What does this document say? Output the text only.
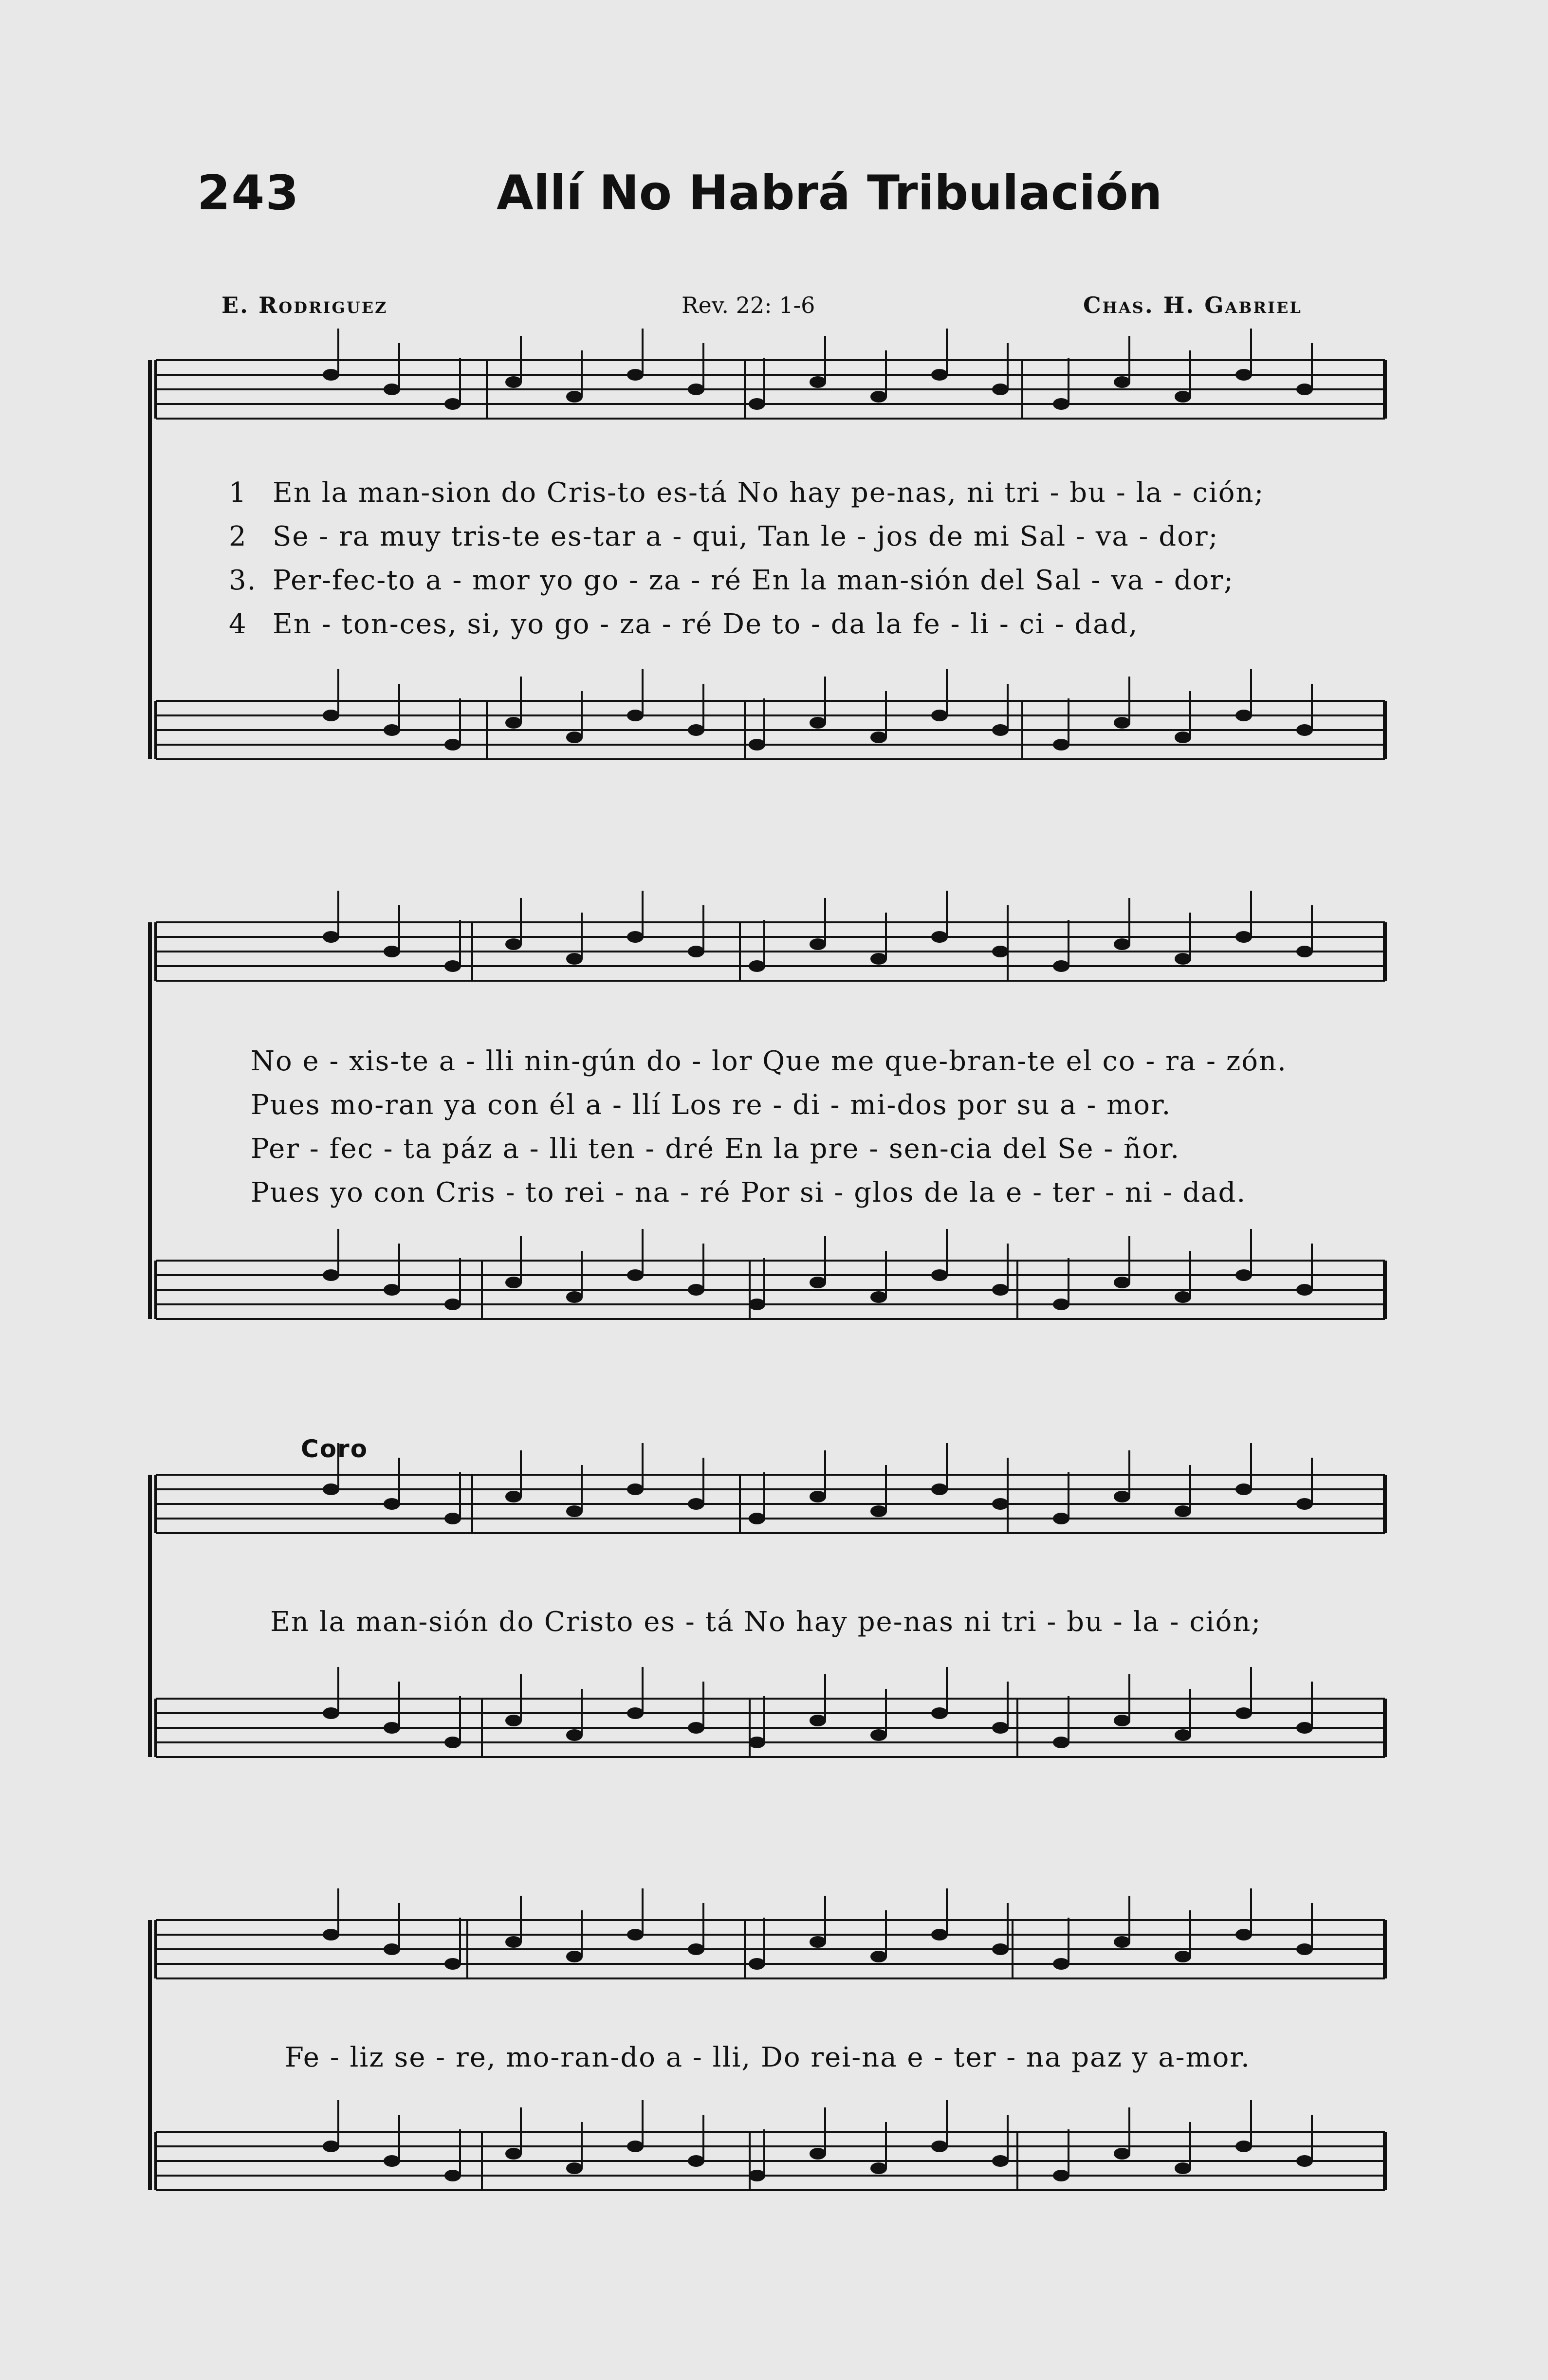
243	Allí No Habrá Tribulación
E. Rodriguez	Rev. 22: 1-6	Chas. H. Gabriel
1 En la man-sion do Cris-to es-tá No hay pe-nas, ni tri - bu - la - ción;
2 Se - ra muy tris-te es-tar a - qui, Tan le - jos de mi Sal - va - dor;
3. Per-fec-to a - mor yo go - za - ré En la man-sión del Sal - va - dor;
4 En - ton-ces, si, yo go - za - ré De to - da la fe - li - ci - dad,
No e - xis-te a - lli nin-gún do - lor Que me que-bran-te el co - ra - zón.
Pues mo-ran ya con él a - llí Los re - di - mi-dos por su a - mor.
Per - fec - ta páz a - lli ten - dré En la pre - sen-cia del Se - ñor.
Pues yo con Cris - to rei - na - ré Por si - glos de la e - ter - ni - dad.
Coro
En la man-sión do Cristo es - tá No hay pe-nas ni tri - bu - la - ción;
Fe - liz se - re, mo-ran-do a - lli, Do rei-na e - ter - na paz y a-mor.
